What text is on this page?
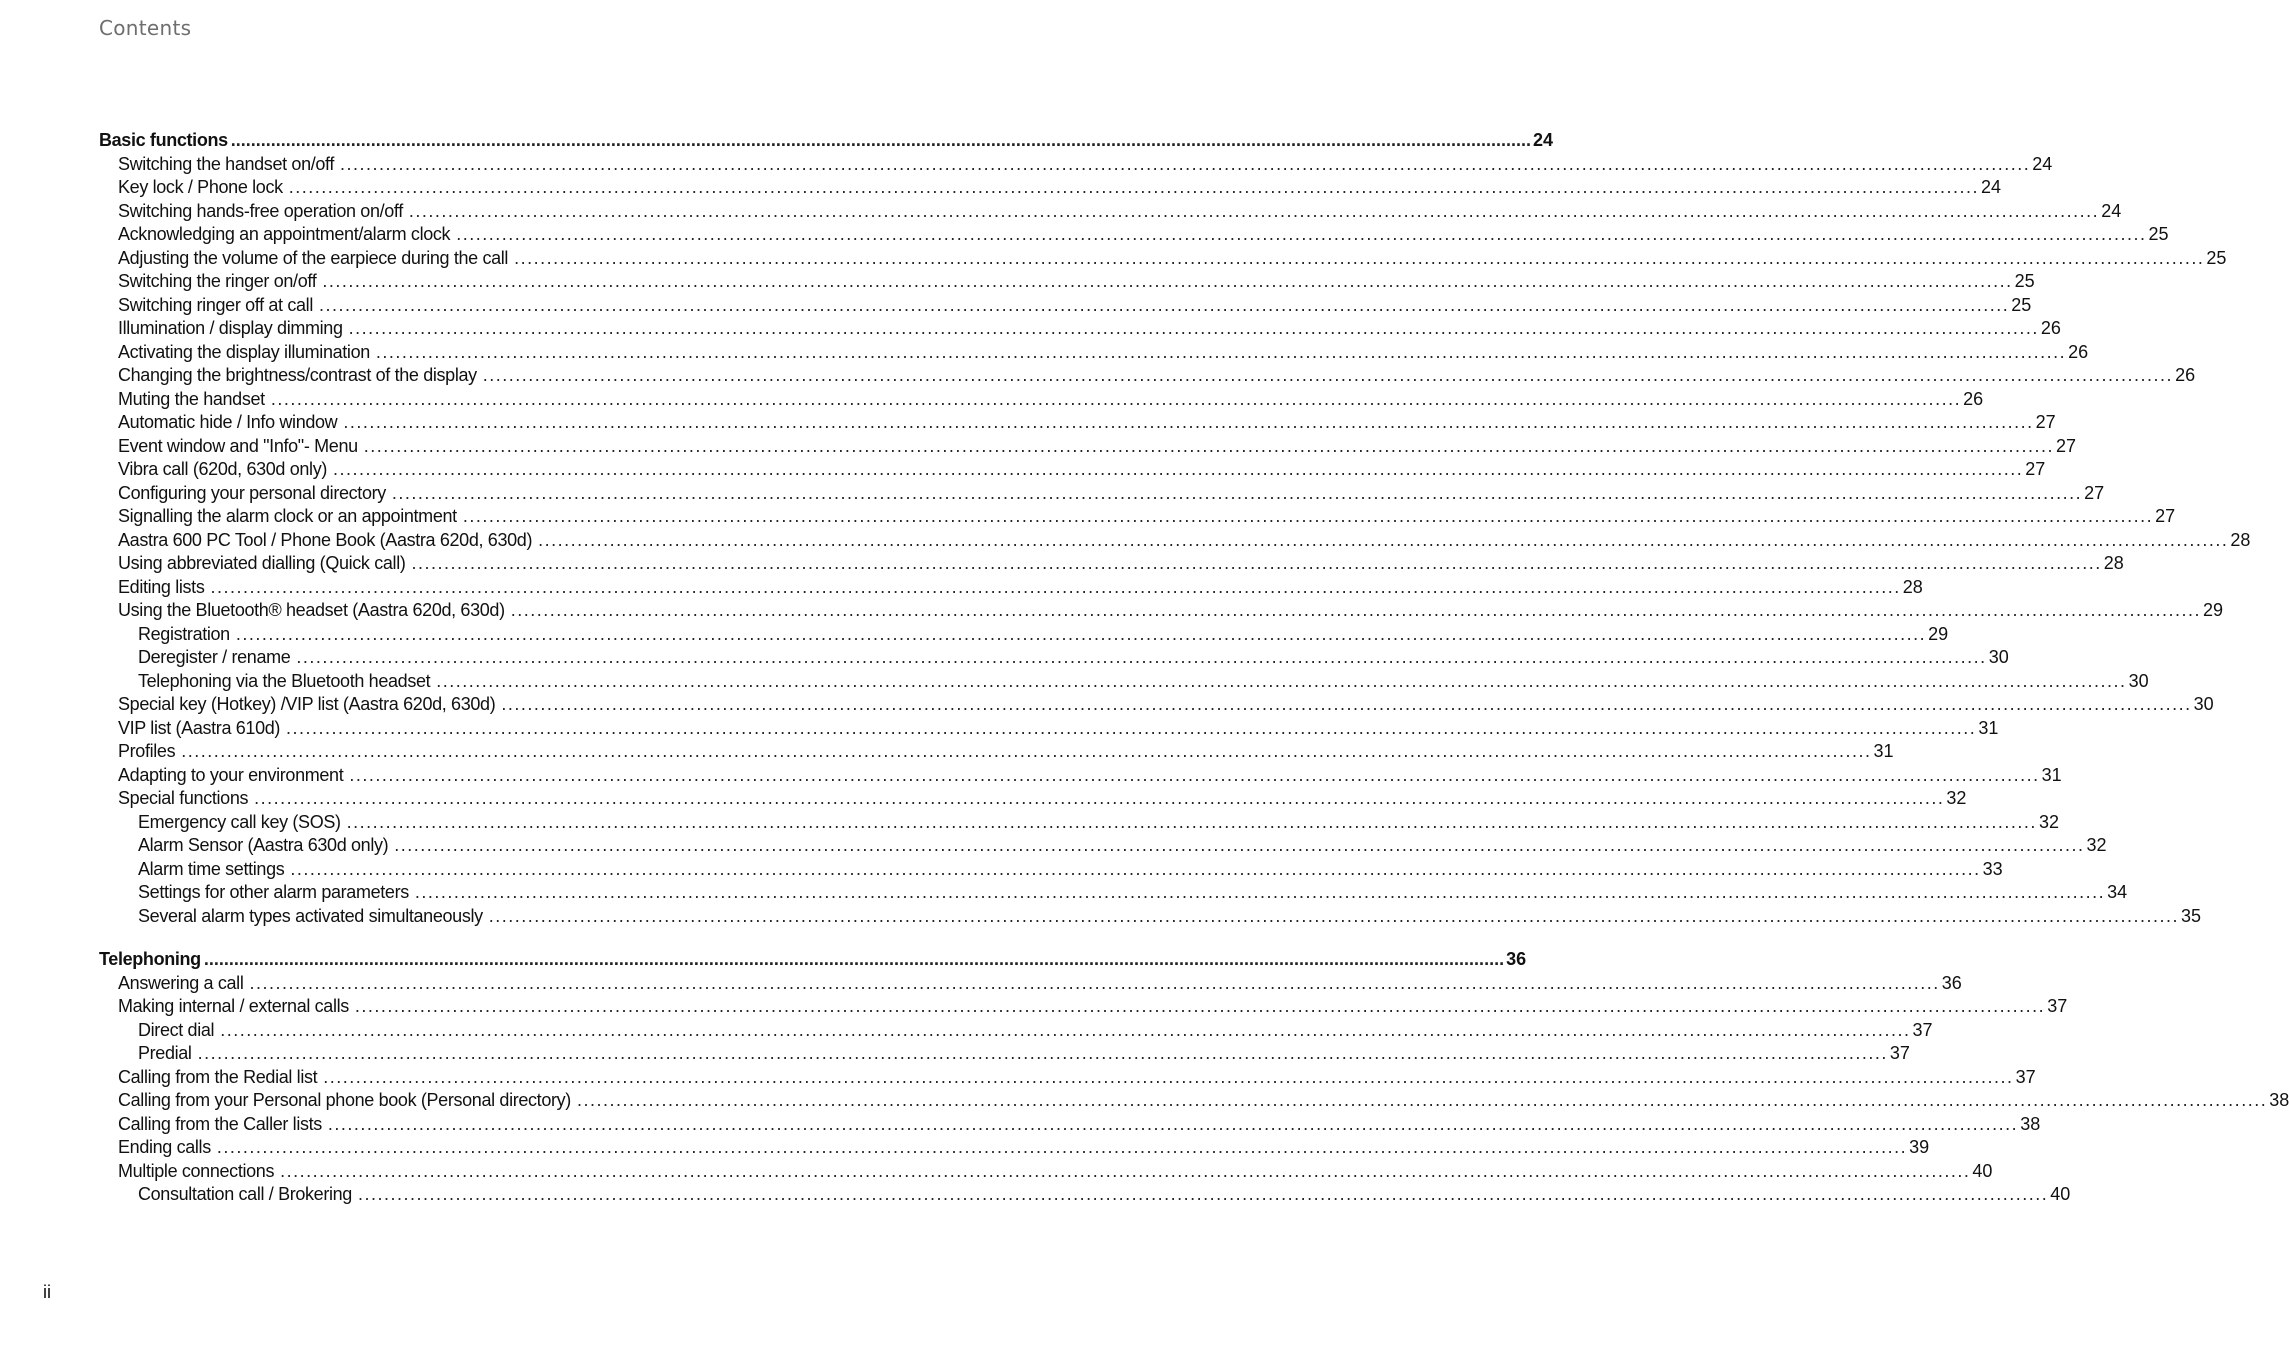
Contents
Basic functions .................................................................................................................................................................................................................................................................... 24
Switching the handset on/off .................................................................................................................................................................................................................................................................... 24
Key lock / Phone lock .................................................................................................................................................................................................................................................................... 24
Switching hands-free operation on/off .................................................................................................................................................................................................................................................................... 24
Acknowledging an appointment/alarm clock .................................................................................................................................................................................................................................................................... 25
Adjusting the volume of the earpiece during the call .................................................................................................................................................................................................................................................................... 25
Switching the ringer on/off .................................................................................................................................................................................................................................................................... 25
Switching ringer off at call .................................................................................................................................................................................................................................................................... 25
Illumination / display dimming .................................................................................................................................................................................................................................................................... 26
Activating the display illumination .................................................................................................................................................................................................................................................................... 26
Changing the brightness/contrast of the display .................................................................................................................................................................................................................................................................... 26
Muting the handset .................................................................................................................................................................................................................................................................... 26
Automatic hide / Info window .................................................................................................................................................................................................................................................................... 27
Event window and "Info"- Menu .................................................................................................................................................................................................................................................................... 27
Vibra call (620d, 630d only) .................................................................................................................................................................................................................................................................... 27
Configuring your personal directory .................................................................................................................................................................................................................................................................... 27
Signalling the alarm clock or an appointment .................................................................................................................................................................................................................................................................... 27
Aastra 600 PC Tool / Phone Book (Aastra 620d, 630d) .................................................................................................................................................................................................................................................................... 28
Using abbreviated dialling (Quick call) .................................................................................................................................................................................................................................................................... 28
Editing lists .................................................................................................................................................................................................................................................................... 28
Using the Bluetooth® headset (Aastra 620d, 630d) .................................................................................................................................................................................................................................................................... 29
Registration .................................................................................................................................................................................................................................................................... 29
Deregister / rename .................................................................................................................................................................................................................................................................... 30
Telephoning via the Bluetooth headset .................................................................................................................................................................................................................................................................... 30
Special key (Hotkey) /VIP list (Aastra 620d, 630d) .................................................................................................................................................................................................................................................................... 30
VIP list (Aastra 610d) .................................................................................................................................................................................................................................................................... 31
Profiles .................................................................................................................................................................................................................................................................... 31
Adapting to your environment .................................................................................................................................................................................................................................................................... 31
Special functions .................................................................................................................................................................................................................................................................... 32
Emergency call key (SOS) .................................................................................................................................................................................................................................................................... 32
Alarm Sensor (Aastra 630d only) .................................................................................................................................................................................................................................................................... 32
Alarm time settings .................................................................................................................................................................................................................................................................... 33
Settings for other alarm parameters .................................................................................................................................................................................................................................................................... 34
Several alarm types activated simultaneously .................................................................................................................................................................................................................................................................... 35
Telephoning .................................................................................................................................................................................................................................................................... 36
Answering a call .................................................................................................................................................................................................................................................................... 36
Making internal / external calls .................................................................................................................................................................................................................................................................... 37
Direct dial .................................................................................................................................................................................................................................................................... 37
Predial .................................................................................................................................................................................................................................................................... 37
Calling from the Redial list .................................................................................................................................................................................................................................................................... 37
Calling from your Personal phone book (Personal directory) .................................................................................................................................................................................................................................................................... 38
Calling from the Caller lists .................................................................................................................................................................................................................................................................... 38
Ending calls .................................................................................................................................................................................................................................................................... 39
Multiple connections .................................................................................................................................................................................................................................................................... 40
Consultation call / Brokering .................................................................................................................................................................................................................................................................... 40
ii
